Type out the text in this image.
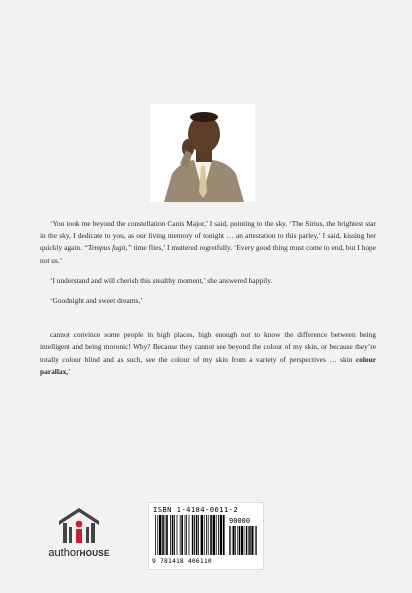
‘You took me beyond the constellation Canis Major,’ I said, pointing to the sky. ‘The Sirius, the brightest star in the sky, I dedicate to you, as our living memory of tonight … an attestation to this parley,’ I said, kissing her quickly again. “Tempus fugit,” time flies,’ I muttered regretfully. ‘Every good thing must come to end, but I hope not us.’

‘I understand and will cherish this stealthy moment,’ she answered happily.

‘Goodnight and sweet dreams,’

cannot convince some people in high places, high enough not to know the difference between being intelligent and being moronic! Why? Because they cannot see beyond the colour of my skin, or because they’re totally colour blind and as such, see the colour of my skin from a variety of perspectives … skin colour parallax,’

authorHOUSE
ISBN 1-4184-0611-2
90000
9 781418 406110
